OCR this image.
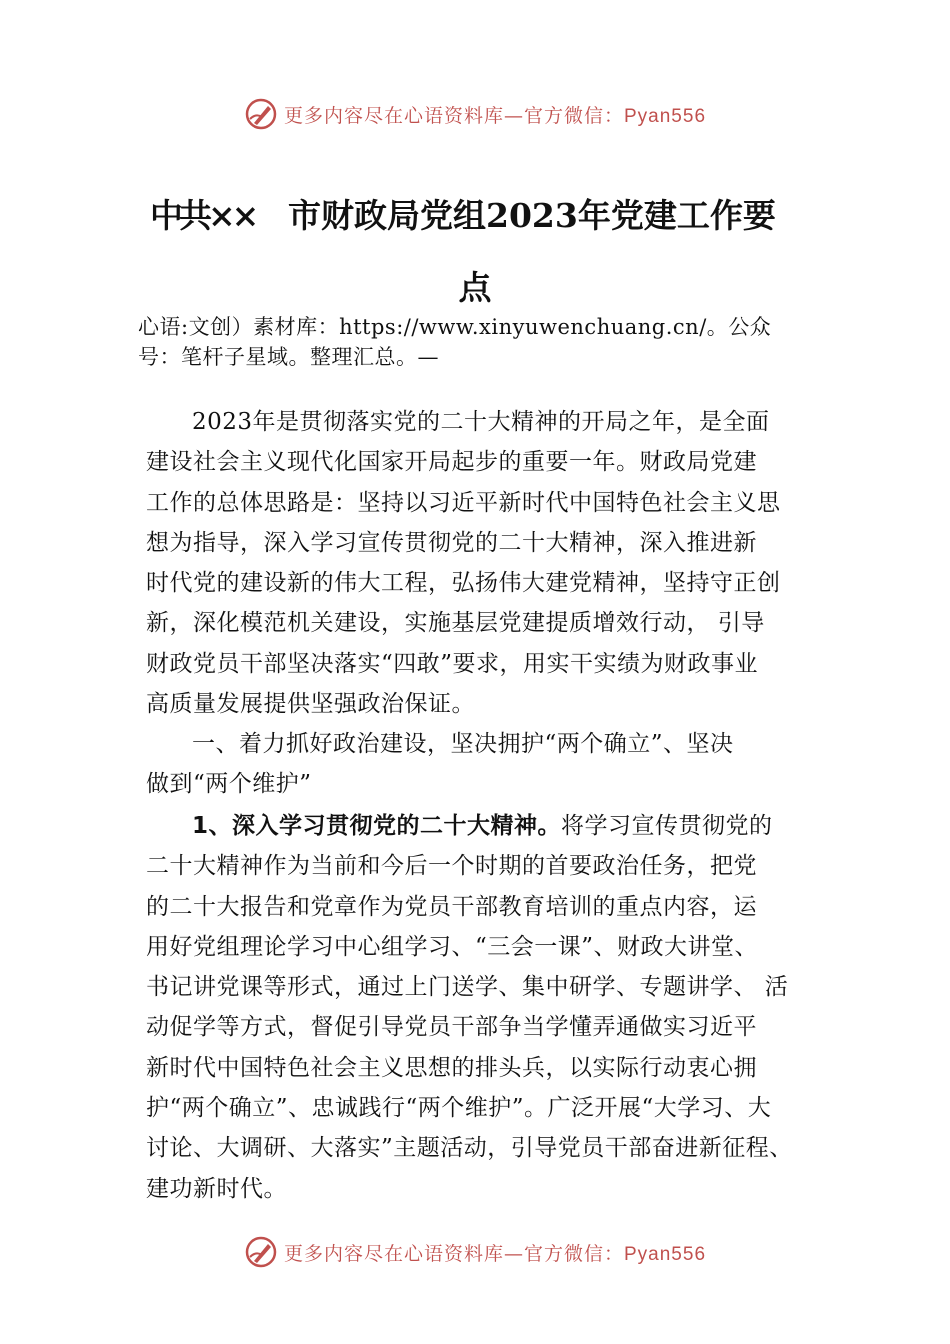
更多内容尽在心语资料库—官方微信：Pyan556
中共×× 市财政局党组2023年党建工作要
点
心语:文创）素材库：https://www.xinyuwenchuang.cn/。公众
号：笔杆子星域。整理汇总。—
2023年是贯彻落实党的二十大精神的开局之年，是全面
建设社会主义现代化国家开局起步的重要一年。财政局党建
工作的总体思路是：坚持以习近平新时代中国特色社会主义思
想为指导，深入学习宣传贯彻党的二十大精神，深入推进新
时代党的建设新的伟大工程，弘扬伟大建党精神，坚持守正创
新，深化模范机关建设，实施基层党建提质增效行动， 引导
财政党员干部坚决落实“四敢”要求，用实干实绩为财政事业
高质量发展提供坚强政治保证。
一、着力抓好政治建设，坚决拥护“两个确立”、坚决
做到“两个维护”
1、深入学习贯彻党的二十大精神。将学习宣传贯彻党的
二十大精神作为当前和今后一个时期的首要政治任务，把党
的二十大报告和党章作为党员干部教育培训的重点内容，运
用好党组理论学习中心组学习、“三会一课”、财政大讲堂、
书记讲党课等形式，通过上门送学、集中研学、专题讲学、 活
动促学等方式，督促引导党员干部争当学懂弄通做实习近平
新时代中国特色社会主义思想的排头兵，以实际行动衷心拥
护“两个确立”、忠诚践行“两个维护”。广泛开展“大学习、大
讨论、大调研、大落实”主题活动，引导党员干部奋进新征程、
建功新时代。
更多内容尽在心语资料库—官方微信：Pyan556
